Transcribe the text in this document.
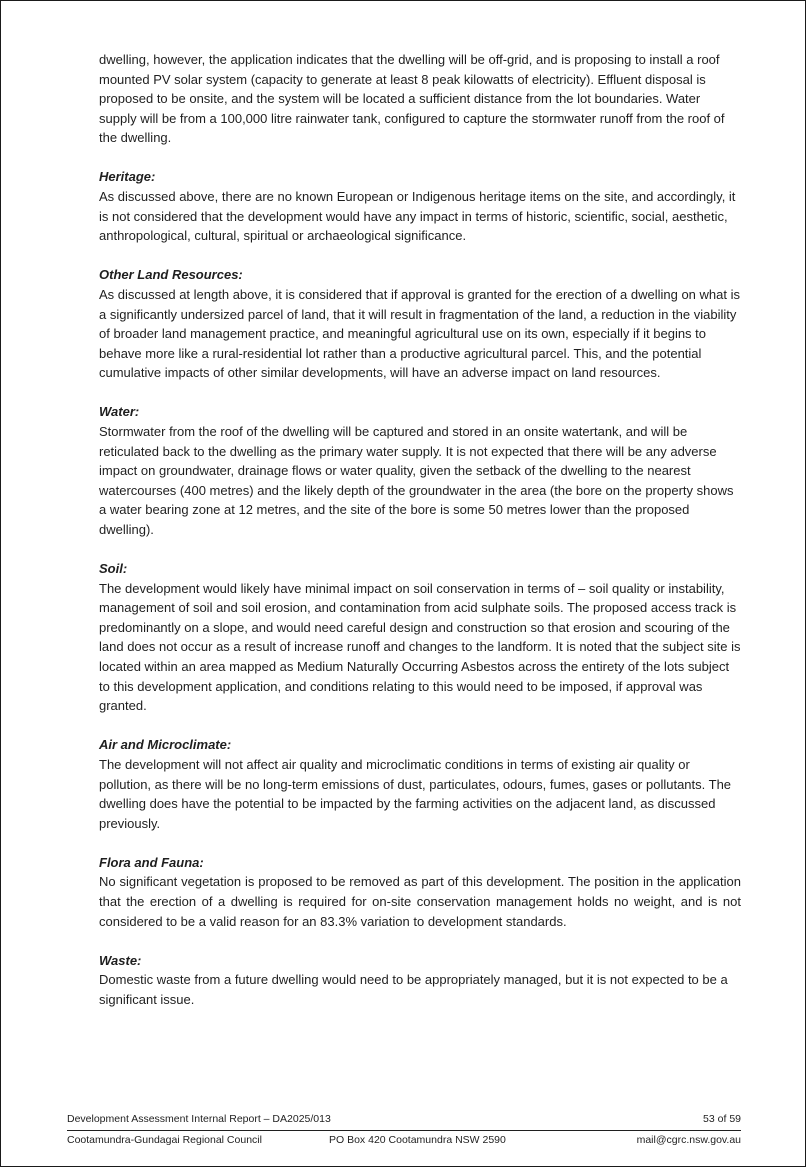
dwelling, however, the application indicates that the dwelling will be off-grid, and is proposing to install a roof mounted PV solar system (capacity to generate at least 8 peak kilowatts of electricity). Effluent disposal is proposed to be onsite, and the system will be located a sufficient distance from the lot boundaries. Water supply will be from a 100,000 litre rainwater tank, configured to capture the stormwater runoff from the roof of the dwelling.
Heritage:
As discussed above, there are no known European or Indigenous heritage items on the site, and accordingly, it is not considered that the development would have any impact in terms of historic, scientific, social, aesthetic, anthropological, cultural, spiritual or archaeological significance.
Other Land Resources:
As discussed at length above, it is considered that if approval is granted for the erection of a dwelling on what is a significantly undersized parcel of land, that it will result in fragmentation of the land, a reduction in the viability of broader land management practice, and meaningful agricultural use on its own, especially if it begins to behave more like a rural-residential lot rather than a productive agricultural parcel. This, and the potential cumulative impacts of other similar developments, will have an adverse impact on land resources.
Water:
Stormwater from the roof of the dwelling will be captured and stored in an onsite watertank, and will be reticulated back to the dwelling as the primary water supply. It is not expected that there will be any adverse impact on groundwater, drainage flows or water quality, given the setback of the dwelling to the nearest watercourses (400 metres) and the likely depth of the groundwater in the area (the bore on the property shows a water bearing zone at 12 metres, and the site of the bore is some 50 metres lower than the proposed dwelling).
Soil:
The development would likely have minimal impact on soil conservation in terms of – soil quality or instability, management of soil and soil erosion, and contamination from acid sulphate soils. The proposed access track is predominantly on a slope, and would need careful design and construction so that erosion and scouring of the land does not occur as a result of increase runoff and changes to the landform. It is noted that the subject site is located within an area mapped as Medium Naturally Occurring Asbestos across the entirety of the lots subject to this development application, and conditions relating to this would need to be imposed, if approval was granted.
Air and Microclimate:
The development will not affect air quality and microclimatic conditions in terms of existing air quality or pollution, as there will be no long-term emissions of dust, particulates, odours, fumes, gases or pollutants. The dwelling does have the potential to be impacted by the farming activities on the adjacent land, as discussed previously.
Flora and Fauna:
No significant vegetation is proposed to be removed as part of this development. The position in the application that the erection of a dwelling is required for on-site conservation management holds no weight, and is not considered to be a valid reason for an 83.3% variation to development standards.
Waste:
Domestic waste from a future dwelling would need to be appropriately managed, but it is not expected to be a significant issue.
Development Assessment Internal Report – DA2025/013	53 of 59
Cootamundra-Gundagai Regional Council	PO Box 420 Cootamundra NSW 2590	mail@cgrc.nsw.gov.au
